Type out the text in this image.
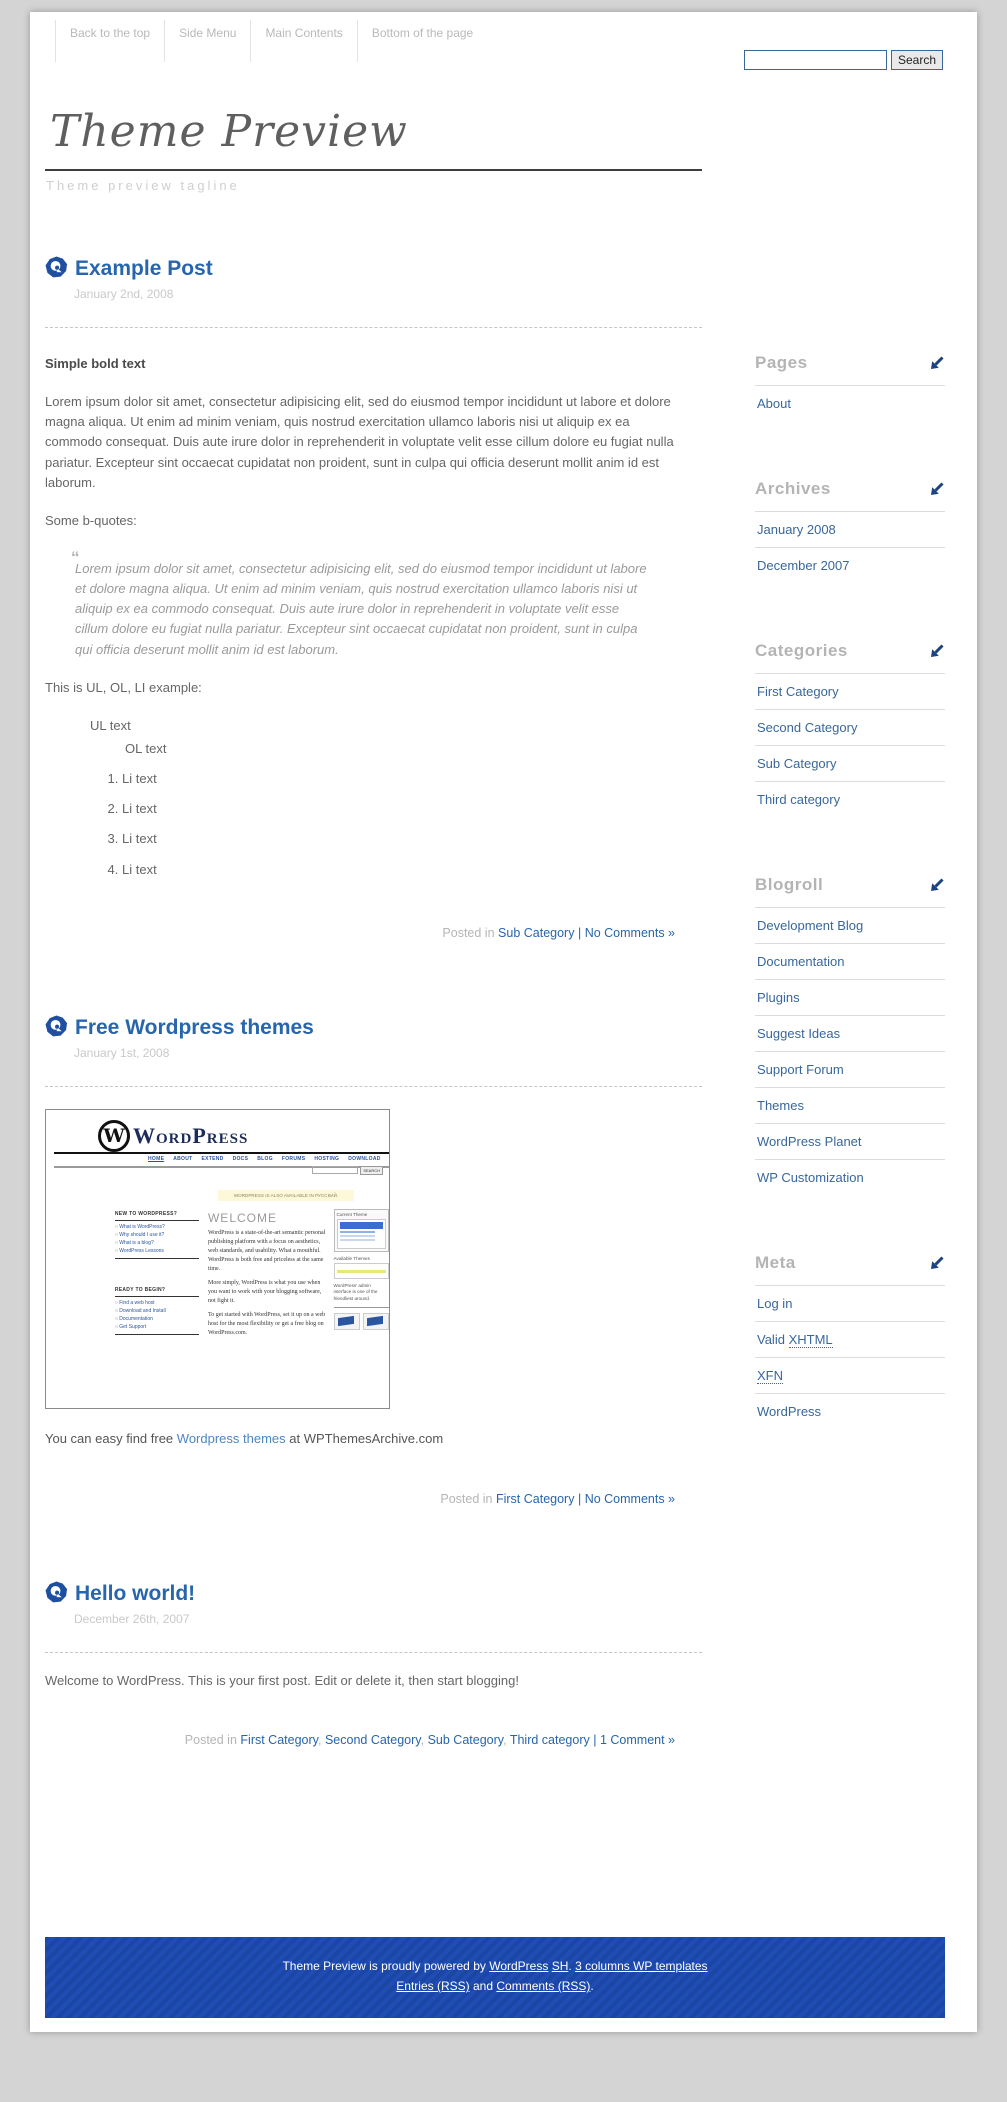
Back to the top	Side Menu	Main Contents	Bottom of the page
Search
Theme Preview
Theme preview tagline
Example Post
January 2nd, 2008

Simple bold text

Lorem ipsum dolor sit amet, consectetur adipisicing elit, sed do eiusmod tempor incididunt ut labore et dolore magna aliqua. Ut enim ad minim veniam, quis nostrud exercitation ullamco laboris nisi ut aliquip ex ea commodo consequat. Duis aute irure dolor in reprehenderit in voluptate velit esse cillum dolore eu fugiat nulla pariatur. Excepteur sint occaecat cupidatat non proident, sunt in culpa qui officia deserunt mollit anim id est laborum.

Some b-quotes:

“
Lorem ipsum dolor sit amet, consectetur adipisicing elit, sed do eiusmod tempor incididunt ut labore et dolore magna aliqua. Ut enim ad minim veniam, quis nostrud exercitation ullamco laboris nisi ut aliquip ex ea commodo consequat. Duis aute irure dolor in reprehenderit in voluptate velit esse cillum dolore eu fugiat nulla pariatur. Excepteur sint occaecat cupidatat non proident, sunt in culpa qui officia deserunt mollit anim id est laborum.

This is UL, OL, LI example:

UL text
OL text
1. Li text
2. Li text
3. Li text
4. Li text
Posted in Sub Category | No Comments »
Free Wordpress themes
January 1st, 2008
W WordPress
HOME ABOUT EXTEND DOCS BLOG FORUMS HOSTING DOWNLOAD
SEARCH
WORDPRESS IS ALSO AVAILABLE IN РУССКИЙ.
NEW TO WORDPRESS?
○ What is WordPress?
○ Why should I use it?
○ What is a blog?
○ WordPress Lessons
READY TO BEGIN?
○ Find a web host
○ Download and Install
○ Documentation
○ Get Support
WELCOME

WordPress is a state-of-the-art semantic personal publishing platform with a focus on aesthetics, web standards, and usability. What a mouthful. WordPress is both free and priceless at the same time.

More simply, WordPress is what you use when you want to work with your blogging software, not fight it.

To get started with WordPress, set it up on a web host for the most flexibility or get a free blog on WordPress.com.

Current Theme
Available Themes
WordPress' admin interface is one of the friendliest around.

You can easy find free Wordpress themes at WPThemesArchive.com

Posted in First Category | No Comments »
Hello world!
December 26th, 2007

Welcome to WordPress. This is your first post. Edit or delete it, then start blogging!

Posted in First Category, Second Category, Sub Category, Third category | 1 Comment »
Pages
About
Archives
January 2008
December 2007
Categories
First Category
Second Category
Sub Category
Third category
Blogroll
Development Blog
Documentation
Plugins
Suggest Ideas
Support Forum
Themes
WordPress Planet
WP Customization
Meta
Log in
Valid XHTML
XFN
WordPress
Theme Preview is proudly powered by WordPress SH. 3 columns WP templates
Entries (RSS) and Comments (RSS).
